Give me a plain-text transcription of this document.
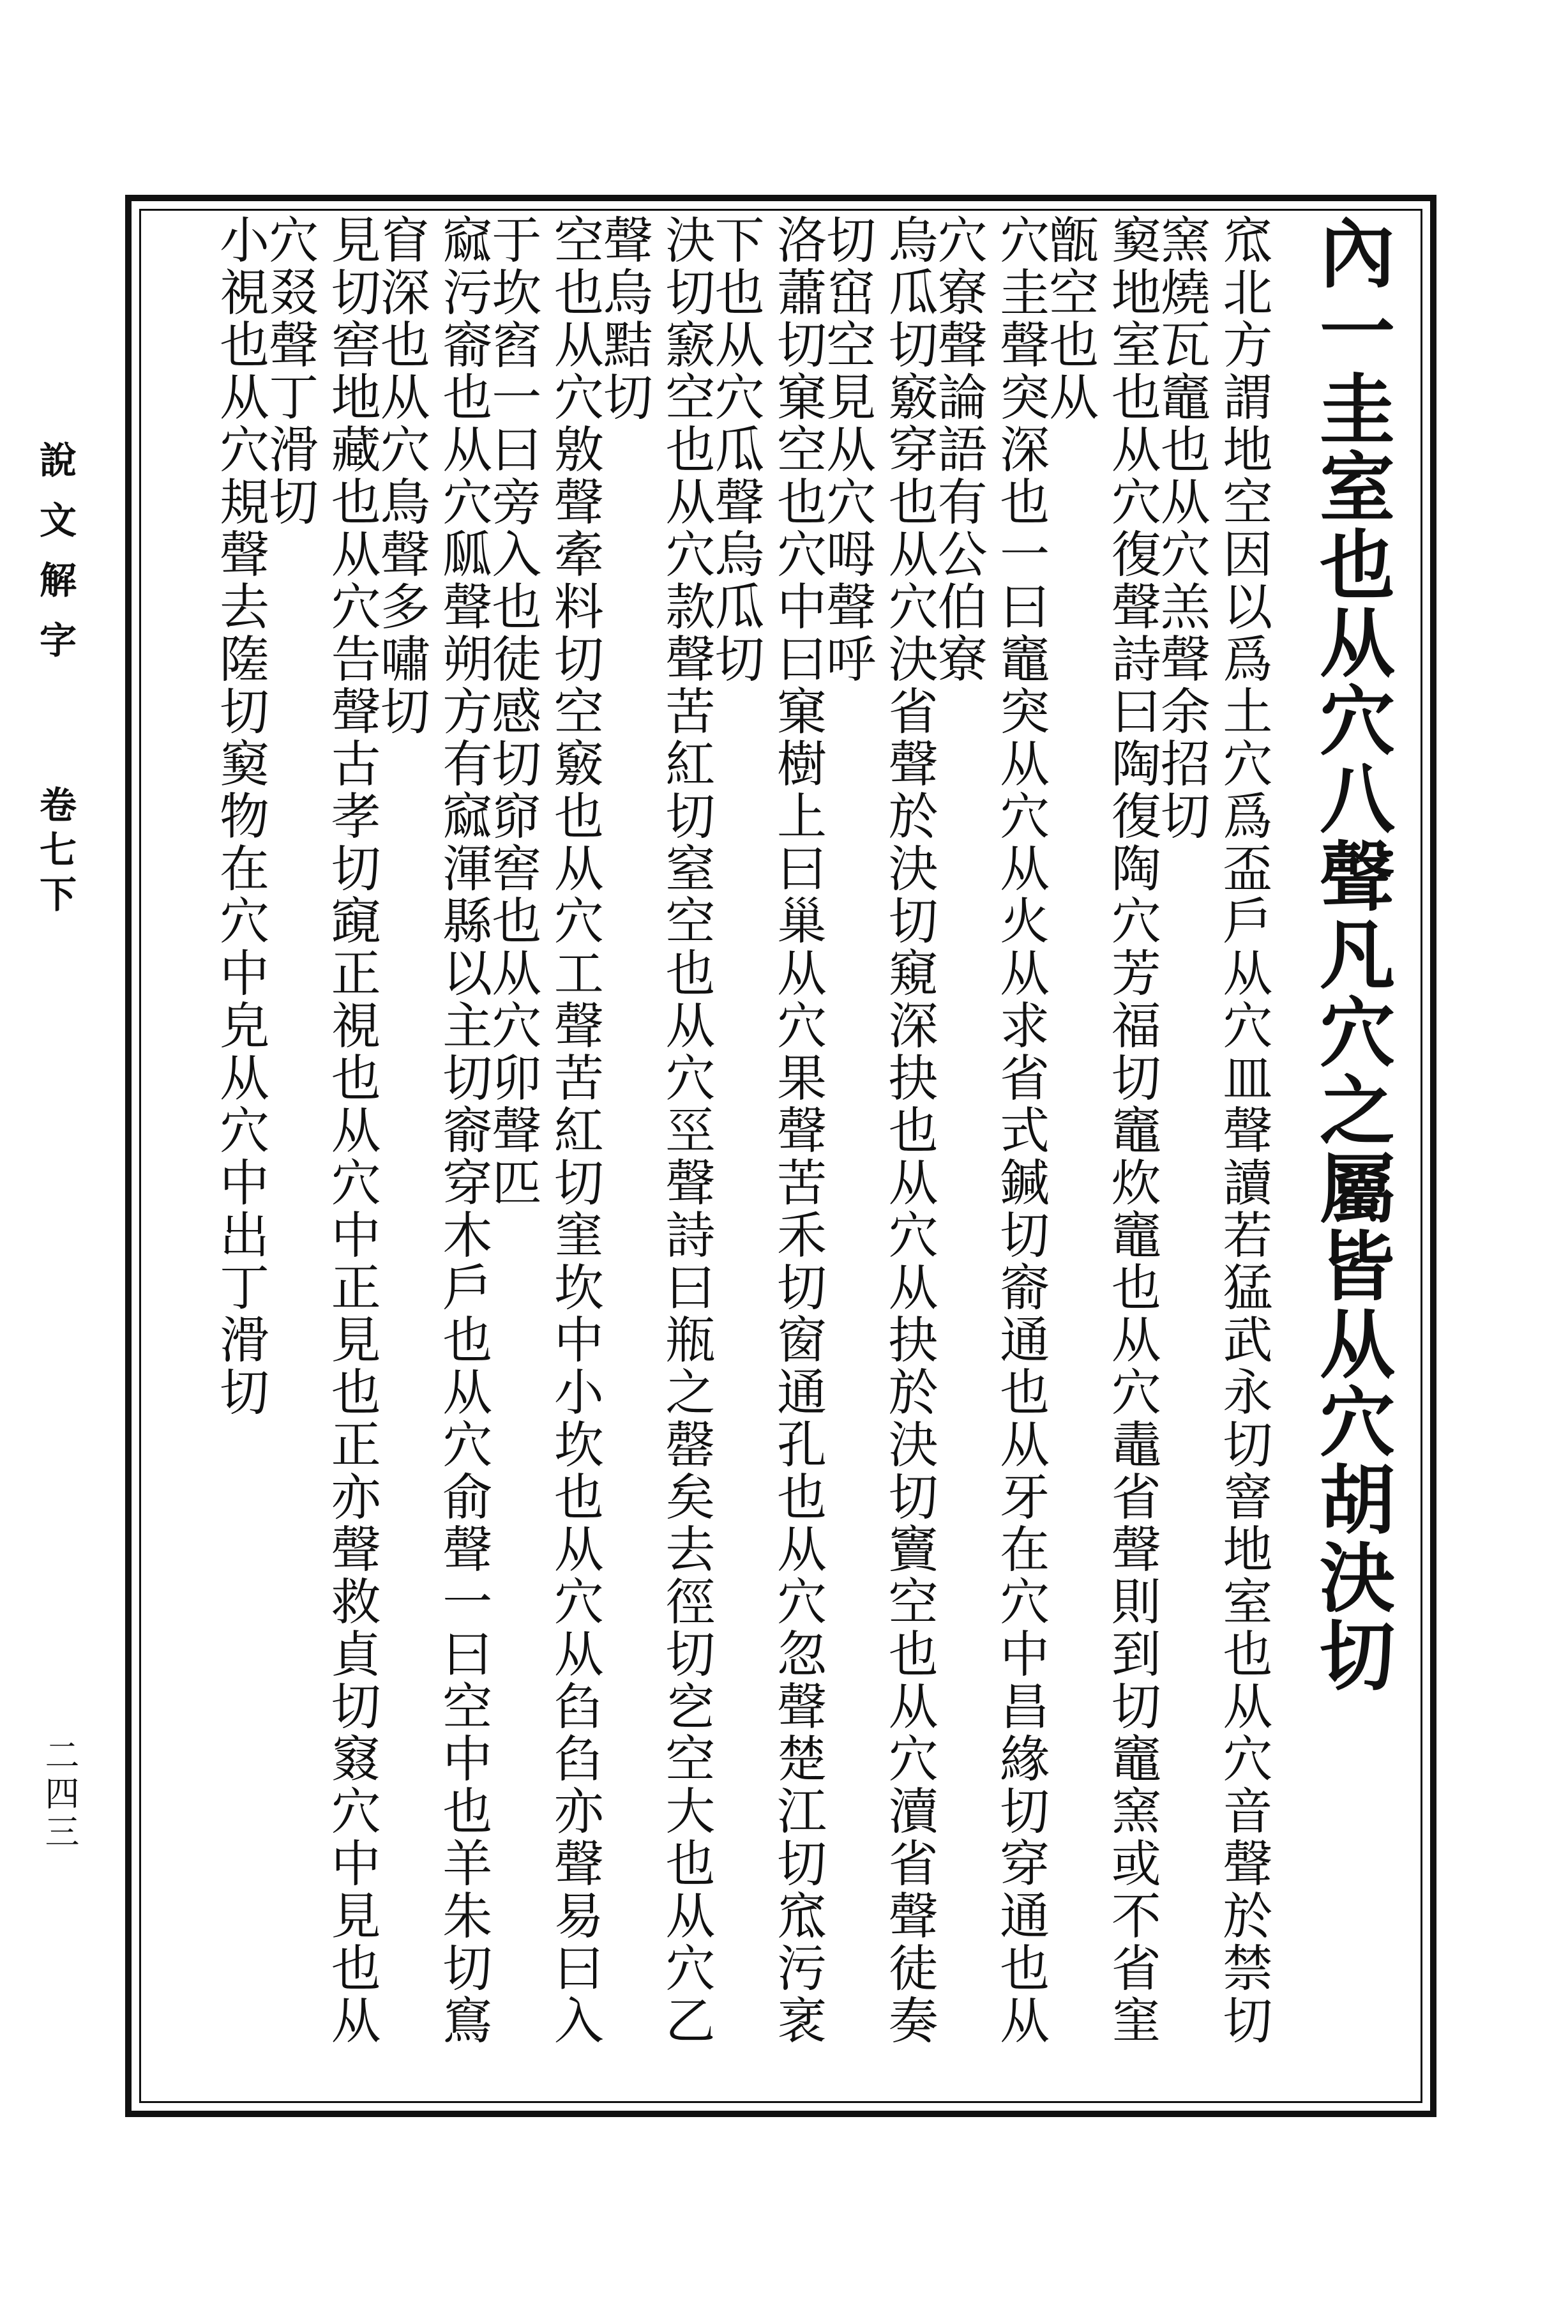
說文解字
卷七下
二四三
內一圭室也从穴八聲凡穴之屬皆从穴胡決切
窊北方謂地空因以爲土穴爲盃戶从穴皿聲讀若猛武永切窨地室也从穴音聲於禁切窯燒瓦竈也从穴羔聲余招切
窫地室也从穴復聲詩曰陶復陶穴芳福切竈炊竈也从穴鼃省聲則到切竈窯或不省窐甑空也从
穴圭聲突深也一曰竈突从穴从火从求省式鍼切窬通也从牙在穴中昌緣切穿通也从穴寮聲論語有公伯寮
烏瓜切竅穿也从穴決省聲於決切窺深抉也从穴从抉於決切竇空也从穴瀆省聲徒奏切窋空見从穴呣聲呼
洛蕭切窠空也穴中曰窠樹上曰巢从穴果聲苦禾切窗通孔也从穴忽聲楚江切窊污衺下也从穴瓜聲烏瓜切
決切窾空也从穴款聲苦紅切窒空也从穴巠聲詩曰瓶之罄矣去徑切穵空大也从穴乙聲烏黠切
空也从穴敫聲牽料切空竅也从穴工聲苦紅切窐坎中小坎也从穴从臽臽亦聲易曰入于坎窞一曰旁入也徒感切窌窖也从穴卯聲匹
窳污窬也从穴㼌聲朔方有窳渾縣以主切窬穿木戶也从穴俞聲一曰空中也羊朱切窵窅深也从穴鳥聲多嘯切
見切窖地藏也从穴告聲古孝切竀正視也从穴中正見也正亦聲救貞切窡穴中見也从穴叕聲丁滑切
小視也从穴規聲去隓切窫物在穴中皃从穴中出丁滑切
